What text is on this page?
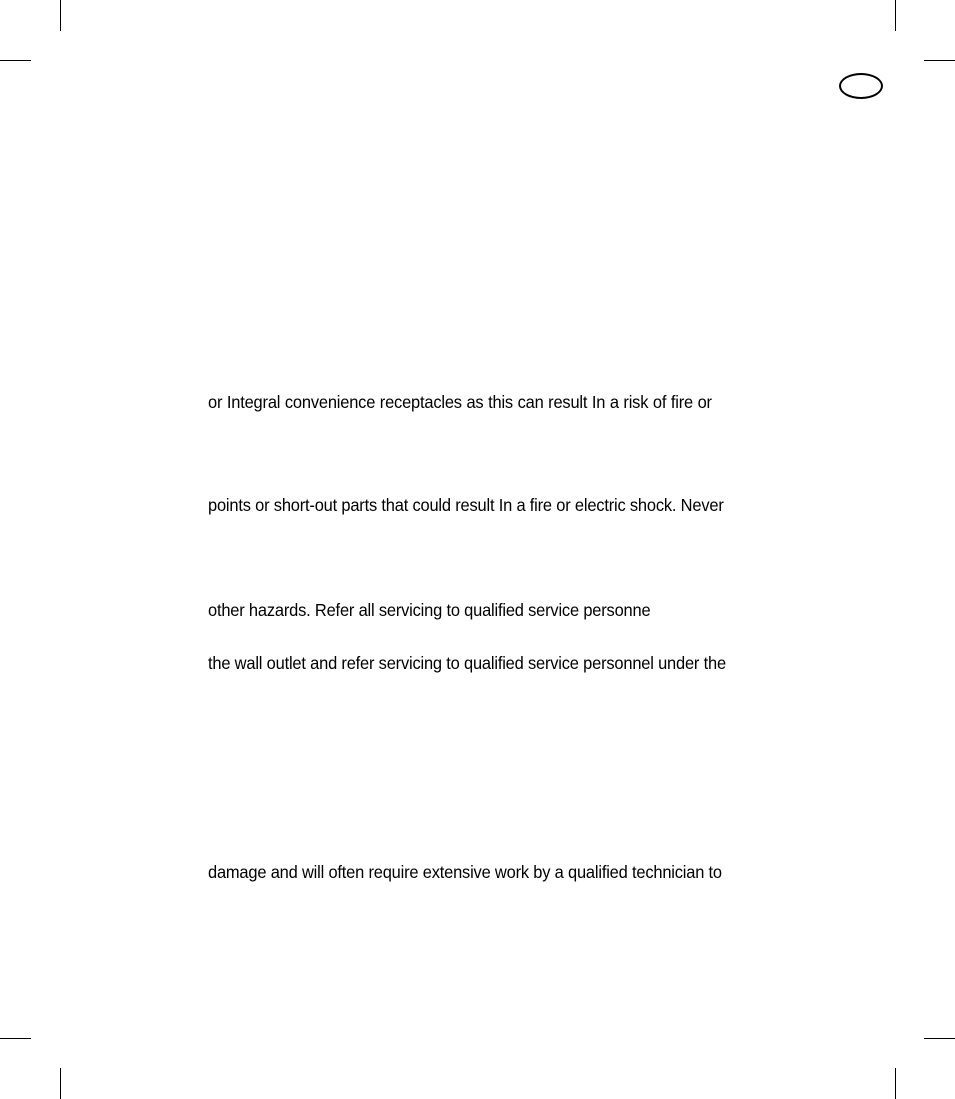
or Integral convenience receptacles as this can result In a risk of fire or
points or short-out parts that could result In a fire or electric shock. Never
other hazards. Refer all servicing to qualified service personne
the wall outlet and refer servicing to qualified service personnel under the
damage and will often require extensive work by a qualified technician to
